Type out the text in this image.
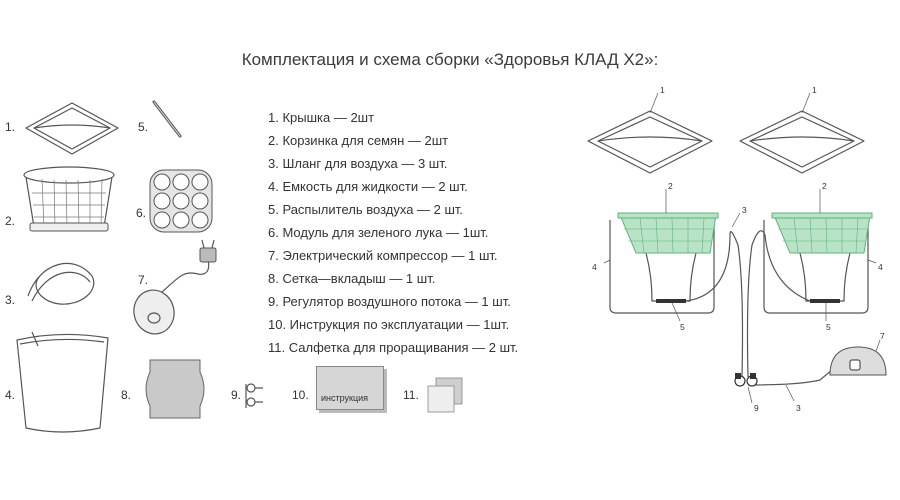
Комплектация и схема сборки «Здоровья КЛАД Х2»:
1.
2.
3.
4.
5.
6.
7.
8.	9.	10.	11.
инструкция
1. Крышка — 2шт
2. Корзинка для семян — 2шт
3. Шланг для воздуха — 3 шт.
4. Емкость для жидкости — 2 шт.
5. Распылитель воздуха — 2 шт.
6. Модуль для зеленого лука — 1шт.
7. Электрический компрессор — 1 шт.
8. Сетка—вкладыш — 1 шт.
9. Регулятор воздушного потока — 1 шт.
10. Инструкция по эксплуатации — 1шт.
11. Салфетка для проращивания — 2 шт.
1	1
2	2
3
4	4
5	5
9	3
7
